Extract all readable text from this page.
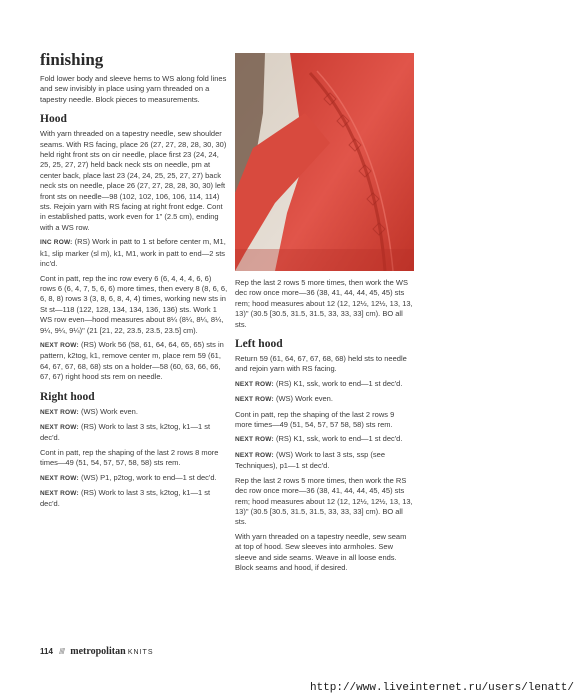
finishing

Fold lower body and sleeve hems to WS along fold lines and sew invisibly in place using yarn threaded on a tapestry needle. Block pieces to measurements.

Hood

With yarn threaded on a tapestry needle, sew shoulder seams. With RS facing, place 26 (27, 27, 28, 28, 30, 30) held right front sts on cir needle, place first 23 (24, 24, 25, 25, 27, 27) held back neck sts on needle, pm at center back, place last 23 (24, 24, 25, 25, 27, 27) back neck sts on needle, place 26 (27, 27, 28, 28, 30, 30) left front sts on needle—98 (102, 102, 106, 106, 114, 114) sts. Rejoin yarn with RS facing at right front edge. Cont in established patts, work even for 1" (2.5 cm), ending with a WS row.

INC ROW: (RS) Work in patt to 1 st before center m, M1, k1, slip marker (sl m), k1, M1, work in patt to end—2 sts inc'd.

Cont in patt, rep the inc row every 6 (6, 4, 4, 4, 6, 6) rows 6 (6, 4, 7, 5, 6, 6) more times, then every 8 (8, 6, 6, 6, 8, 8) rows 3 (3, 8, 6, 8, 4, 4) times, working new sts in St st—118 (122, 128, 134, 134, 136, 136) sts. Work 1 WS row even—hood measures about 8¼ (8¼, 8¼, 8¼, 9¼, 9¼, 9¼)" (21 [21, 22, 23.5, 23.5, 23.5] cm).

NEXT ROW: (RS) Work 56 (58, 61, 64, 64, 65, 65) sts in pattern, k2tog, k1, remove center m, place rem 59 (61, 64, 67, 67, 68, 68) sts on a holder—58 (60, 63, 66, 66, 67, 67) right hood sts rem on needle.

Right hood

NEXT ROW: (WS) Work even.

NEXT ROW: (RS) Work to last 3 sts, k2tog, k1—1 st dec'd.

Cont in patt, rep the shaping of the last 2 rows 8 more times—49 (51, 54, 57, 57, 58, 58) sts rem.

NEXT ROW: (WS) P1, p2tog, work to end—1 st dec'd.

NEXT ROW: (RS) Work to last 3 sts, k2tog, k1—1 st dec'd.

Rep the last 2 rows 5 more times, then work the WS dec row once more—36 (38, 41, 44, 44, 45, 45) sts rem; hood measures about 12 (12, 12½, 12½, 13, 13, 13)" (30.5 [30.5, 31.5, 31.5, 33, 33, 33] cm). BO all sts.

Left hood

Return 59 (61, 64, 67, 67, 68, 68) held sts to needle and rejoin yarn with RS facing.

NEXT ROW: (RS) K1, ssk, work to end—1 st dec'd.

NEXT ROW: (WS) Work even.

Cont in patt, rep the shaping of the last 2 rows 9 more times—49 (51, 54, 57, 57 58, 58) sts rem.

NEXT ROW: (RS) K1, ssk, work to end—1 st dec'd.

NEXT ROW: (WS) Work to last 3 sts, ssp (see Techniques), p1—1 st dec'd.

Rep the last 2 rows 5 more times, then work the RS dec row once more—36 (38, 41, 44, 44, 45, 45) sts rem; hood measures about 12 (12, 12½, 12½, 13, 13, 13)" (30.5 [30.5, 31.5, 31.5, 33, 33, 33] cm). BO all sts.

With yarn threaded on a tapestry needle, sew seam at top of hood. Sew sleeves into armholes. Sew sleeve and side seams. Weave in all loose ends. Block seams and hood, if desired.

114 //// metropolitan KNITS
http://www.liveinternet.ru/users/lenatt/
